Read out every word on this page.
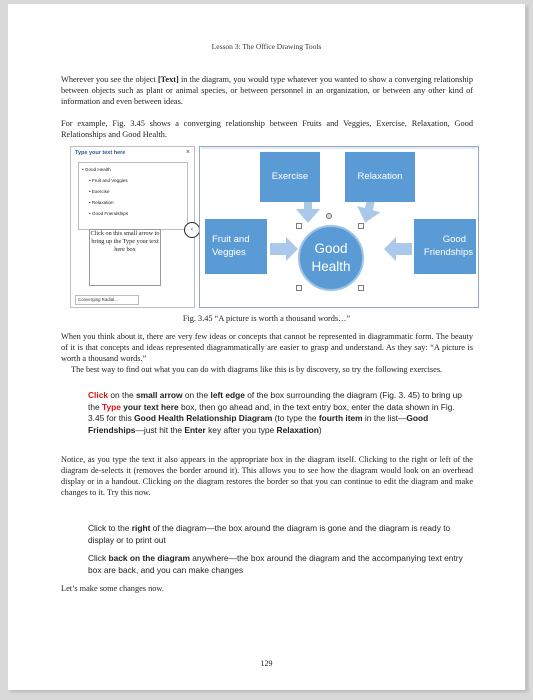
Lesson 3: The Office Drawing Tools
Wherever you see the object [Text] in the diagram, you would type whatever you wanted to show a converging relationship between objects such as plant or animal species, or between personnel in an organization, or between any other kind of information and even between ideas.
For example, Fig. 3.45 shows a converging relationship between Fruits and Veggies, Exercise, Relaxation, Good Relationships and Good Health.
Type your text here	×
• Good Health
• Fruit and Veggies
• Exercise
• Relaxation
• Good Friendships
Click on this small arrow to bring up the Type your text here box
Converging Radial...
‹
Exercise	Relaxation
Fruit and
Veggies
Good
Friendships
Good
Health
Fig. 3.45 “A picture is worth a thousand words…”
When you think about it, there are very few ideas or concepts that cannot be represented in diagrammatic form. The beauty of it is that concepts and ideas represented diagrammatically are easier to grasp and understand. As they say: “A picture is worth a thousand words.”
The best way to find out what you can do with diagrams like this is by discovery, so try the following exercises.
Click on the small arrow on the left edge of the box surrounding the diagram (Fig. 3. 45) to bring up the Type your text here box, then go ahead and, in the text entry box, enter the data shown in Fig. 3.45 for this Good Health Relationship Diagram (to type the fourth item in the list—Good Friendships—just hit the Enter key after you type Relaxation)
Notice, as you type the text it also appears in the appropriate box in the diagram itself. Clicking to the right or left of the diagram de-selects it (removes the border around it). This allows you to see how the diagram would look on an overhead display or in a handout. Clicking on the diagram restores the border so that you can continue to edit the diagram and make changes to it. Try this now.
Click to the right of the diagram—the box around the diagram is gone and the diagram is ready to display or to print out
Click back on the diagram anywhere—the box around the diagram and the accompanying text entry box are back, and you can make changes
Let’s make some changes now.
129
